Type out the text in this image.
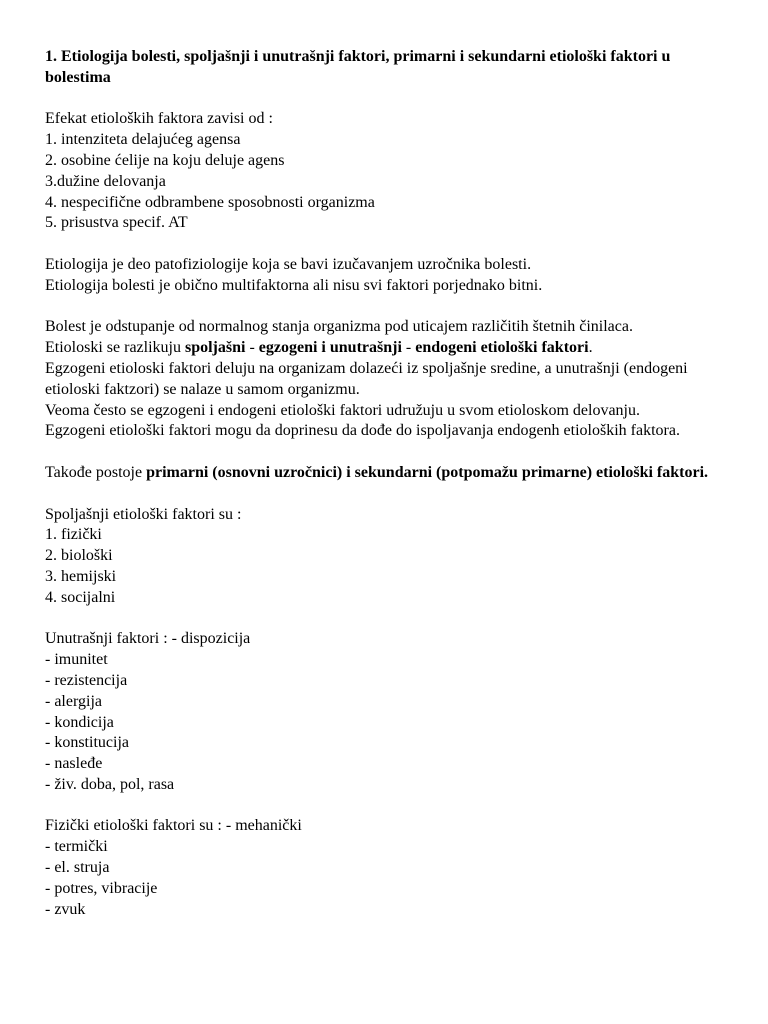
1. Etiologija bolesti, spoljašnji i unutrašnji faktori, primarni i sekundarni etiološki faktori u bolestima

Efekat etioloških faktora zavisi od :
1. intenziteta delajućeg agensa
2. osobine ćelije na koju deluje agens
3.dužine delovanja
4. nespecifične odbrambene sposobnosti organizma
5. prisustva specif. AT
Etiologija je deo patofiziologije koja se bavi izučavanjem uzročnika bolesti.
Etiologija bolesti je obično multifaktorna ali nisu svi faktori porjednako bitni.
Bolest je odstupanje od normalnog stanja organizma pod uticajem različitih štetnih činilaca.
Etioloski se razlikuju spoljašni - egzogeni i unutrašnji - endogeni etiološki faktori.
Egzogeni etioloski faktori deluju na organizam dolazeći iz spoljašnje sredine, a unutrašnji (endogeni etioloski faktzori) se nalaze u samom organizmu.
Veoma često se egzogeni i endogeni etiološki faktori udružuju u svom etioloskom delovanju.
Egzogeni etiološki faktori mogu da doprinesu da dođe do ispoljavanja endogenh etioloških faktora.
Takođe postoje primarni (osnovni uzročnici) i sekundarni (potpomažu primarne) etiološki faktori.
Spoljašnji etiološki faktori su :
1. fizički
2. biološki
3. hemijski
4. socijalni
Unutrašnji faktori : - dispozicija
- imunitet
- rezistencija
- alergija
- kondicija
- konstitucija
- nasleđe
- živ. doba, pol, rasa
Fizički etiološki faktori su : - mehanički
- termički
- el. struja
- potres, vibracije
- zvuk
